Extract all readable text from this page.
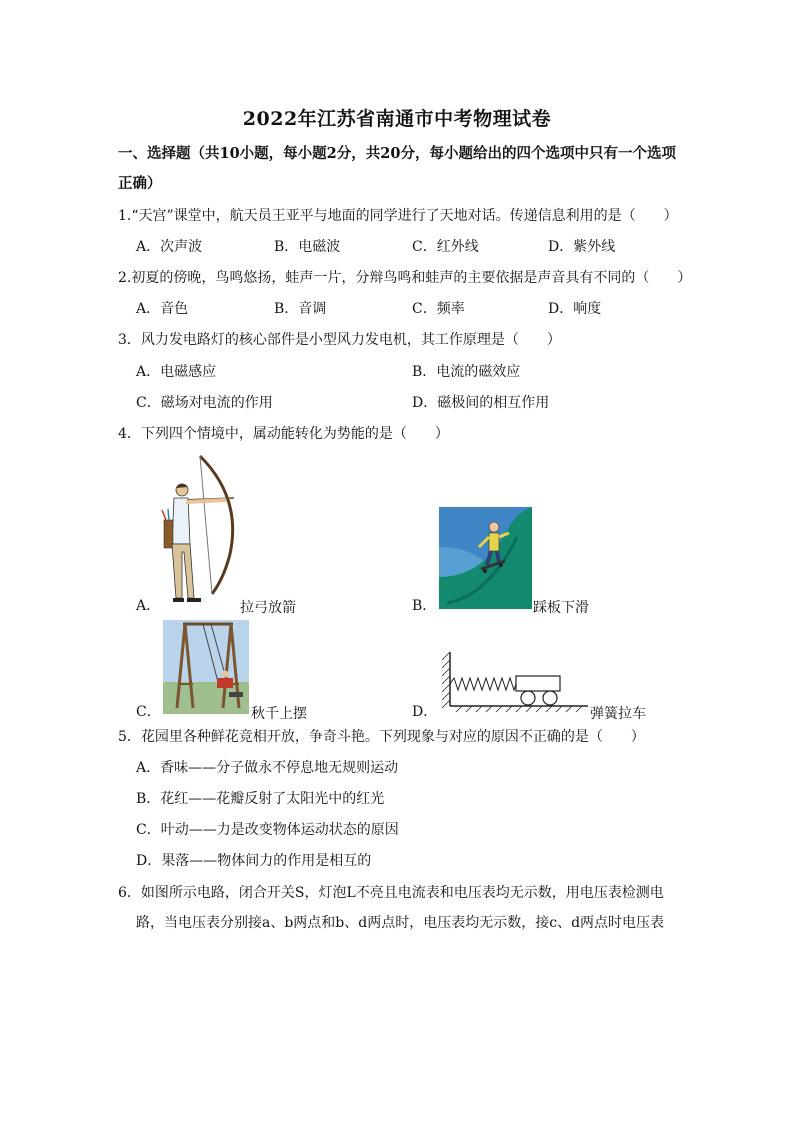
2022年江苏省南通市中考物理试卷
一、选择题（共10小题，每小题2分，共20分，每小题给出的四个选项中只有一个选项
正确）
1.“天宫”课堂中，航天员王亚平与地面的同学进行了天地对话。传递信息利用的是（　　）
A．次声波	B．电磁波	C．红外线	D．紫外线
2.初夏的傍晚，鸟鸣悠扬，蛙声一片，分辩鸟鸣和蛙声的主要依据是声音具有不同的（　　）
A．音色	B．音调	C．频率	D．响度
3．风力发电路灯的核心部件是小型风力发电机，其工作原理是（　　）
A．电磁感应	B．电流的磁效应
C．磁场对电流的作用	D．磁极间的相互作用
4．下列四个情境中，属动能转化为势能的是（　　）
A．	拉弓放箭	B．	踩板下滑
C．	秋千上摆	D．	弹簧拉车
5．花园里各种鲜花竞相开放，争奇斗艳。下列现象与对应的原因不正确的是（　　）
A．香味——分子做永不停息地无规则运动
B．花红——花瓣反射了太阳光中的红光
C．叶动——力是改变物体运动状态的原因
D．果落——物体间力的作用是相互的
6．如图所示电路，闭合开关S，灯泡L不亮且电流表和电压表均无示数，用电压表检测电
路，当电压表分别接a、b两点和b、d两点时，电压表均无示数，接c、d两点时电压表
